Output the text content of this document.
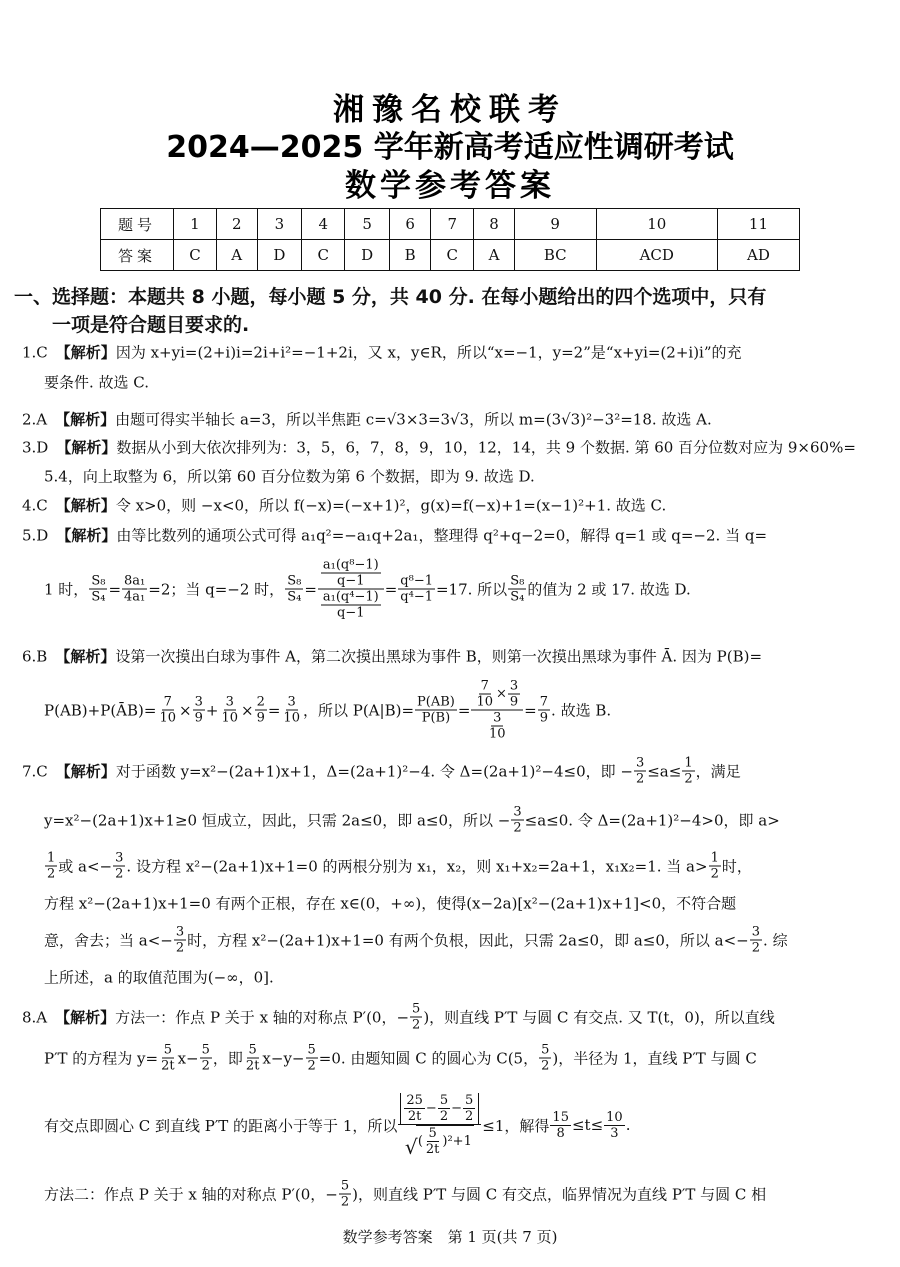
湘豫名校联考
2024—2025 学年新高考适应性调研考试
数学参考答案
题号	1	2	3	4	5	6	7	8	9	10	11
答案	C	A	D	C	D	B	C	A	BC	ACD	AD
一、选择题：本题共 8 小题，每小题 5 分，共 40 分. 在每小题给出的四个选项中，只有
一项是符合题目要求的.
1.C 【解析】 因为 x+yi=(2+i)i=2i+i²=−1+2i，又 x，y∈R，所以“x=−1，y=2”是“x+yi=(2+i)i”的充
要条件. 故选 C.
2.A 【解析】 由题可得实半轴长 a=3，所以半焦距 c=√3×3=3√3，所以 m=(3√3)²−3²=18. 故选 A.
3.D 【解析】 数据从小到大依次排列为：3，5，6，7，8，9，10，12，14，共 9 个数据. 第 60 百分位数对应为 9×60%=
5.4，向上取整为 6，所以第 60 百分位数为第 6 个数据，即为 9. 故选 D.
4.C 【解析】 令 x>0，则 −x<0，所以 f(−x)=(−x+1)²，g(x)=f(−x)+1=(x−1)²+1. 故选 C.
5.D 【解析】 由等比数列的通项公式可得 a₁q²=−a₁q+2a₁，整理得 q²+q−2=0，解得 q=1 或 q=−2. 当 q=
1 时， $\frac{\text{S₈}}{\text{S₄}} = \frac{\text{8a₁}}{\text{4a₁}} =2$；当 q=−2 时， $\frac{\text{S₈}}{\text{S₄}} = \frac{\frac{\text{a₁(q⁸−1)}}{q-1}}{\frac{\text{a₁(q⁴−1)}}{q-1}} = \frac{\text{q⁸−1}}{\text{q⁴−1}} =17$. 所以 $\frac{\text{S₈}}{\text{S₄}}$ 的值为 2 或 17. 故选 D.
6.B 【解析】 设第一次摸出白球为事件 A，第二次摸出黑球为事件 B，则第一次摸出黑球为事件 Ā. 因为 P(B)=
P(AB)+P(ĀB)= $\frac{7}{10} \times \frac{3}{9} + \frac{3}{10} \times \frac{2}{9} = \frac{3}{10}$ ，所以 $P(A|B)= \frac{P(AB)}{P(B)} = \frac{\frac{7}{10} \times \frac{3}{9}}{\frac{3}{10}} = \frac{7}{9}$ . 故选 B.
7.C 【解析】 对于函数 y=x²−(2a+1)x+1，Δ=(2a+1)²−4. 令 Δ=(2a+1)²−4≤0，即 − $\frac{3}{2} \le a\le \frac{1}{2}$ ，满足
y=x²−(2a+1)x+1≥0 恒成立，因此，只需 2a≤0，即 a≤0，所以 − $\frac{3}{2} \le a\le 0$. 令 Δ=(2a+1)²−4>0，即 a>
$\frac{1}{2}$ 或 $a<- \frac{3}{2}$ . 设方程 x²−(2a+1)x+1=0 的两根分别为 x₁，x₂，则 x₁+x₂=2a+1，x₁x₂=1. 当 $a> \frac{1}{2}$ 时，
方程 x²−(2a+1)x+1=0 有两个正根，存在 x∈(0，+∞)，使得(x−2a)[x²−(2a+1)x+1]<0，不符合题
意，舍去；当 $a<- \frac{3}{2}$ 时，方程 x²−(2a+1)x+1=0 有两个负根，因此，只需 2a≤0，即 a≤0，所以 $a<- \frac{3}{2}$ . 综
上所述，a 的取值范围为(−∞，0].
8.A 【解析】 方法一：作点 P 关于 x 轴的对称点 P′(0，− $\frac{5}{2}$ )，则直线 P′T 与圆 C 有交点. 又 T(t，0)，所以直线
P′T 的方程为 $y= \frac{5}{2t} x- \frac{5}{2}$ ，即 $\frac{5}{2t} x-y- \frac{5}{2} =0$. 由题知圆 C 的圆心为 C(5， $\frac{5}{2}$ )，半径为 1，直线 P′T 与圆 C
有交点即圆心 C 到直线 P′T 的距离小于等于 1，所以 $\frac{25}{2t} - \frac{5}{2} - \frac{5}{2}$
√ ( $\frac{5}{2t} )^2+1 \le 1$，解得 $\frac{15}{8} \le t\le \frac{10}{3}$ .
方法二：作点 P 关于 x 轴的对称点 P′(0，− $\frac{5}{2}$ )，则直线 P′T 与圆 C 有交点，临界情况为直线 P′T 与圆 C 相
数学参考答案　第 1 页(共 7 页)
